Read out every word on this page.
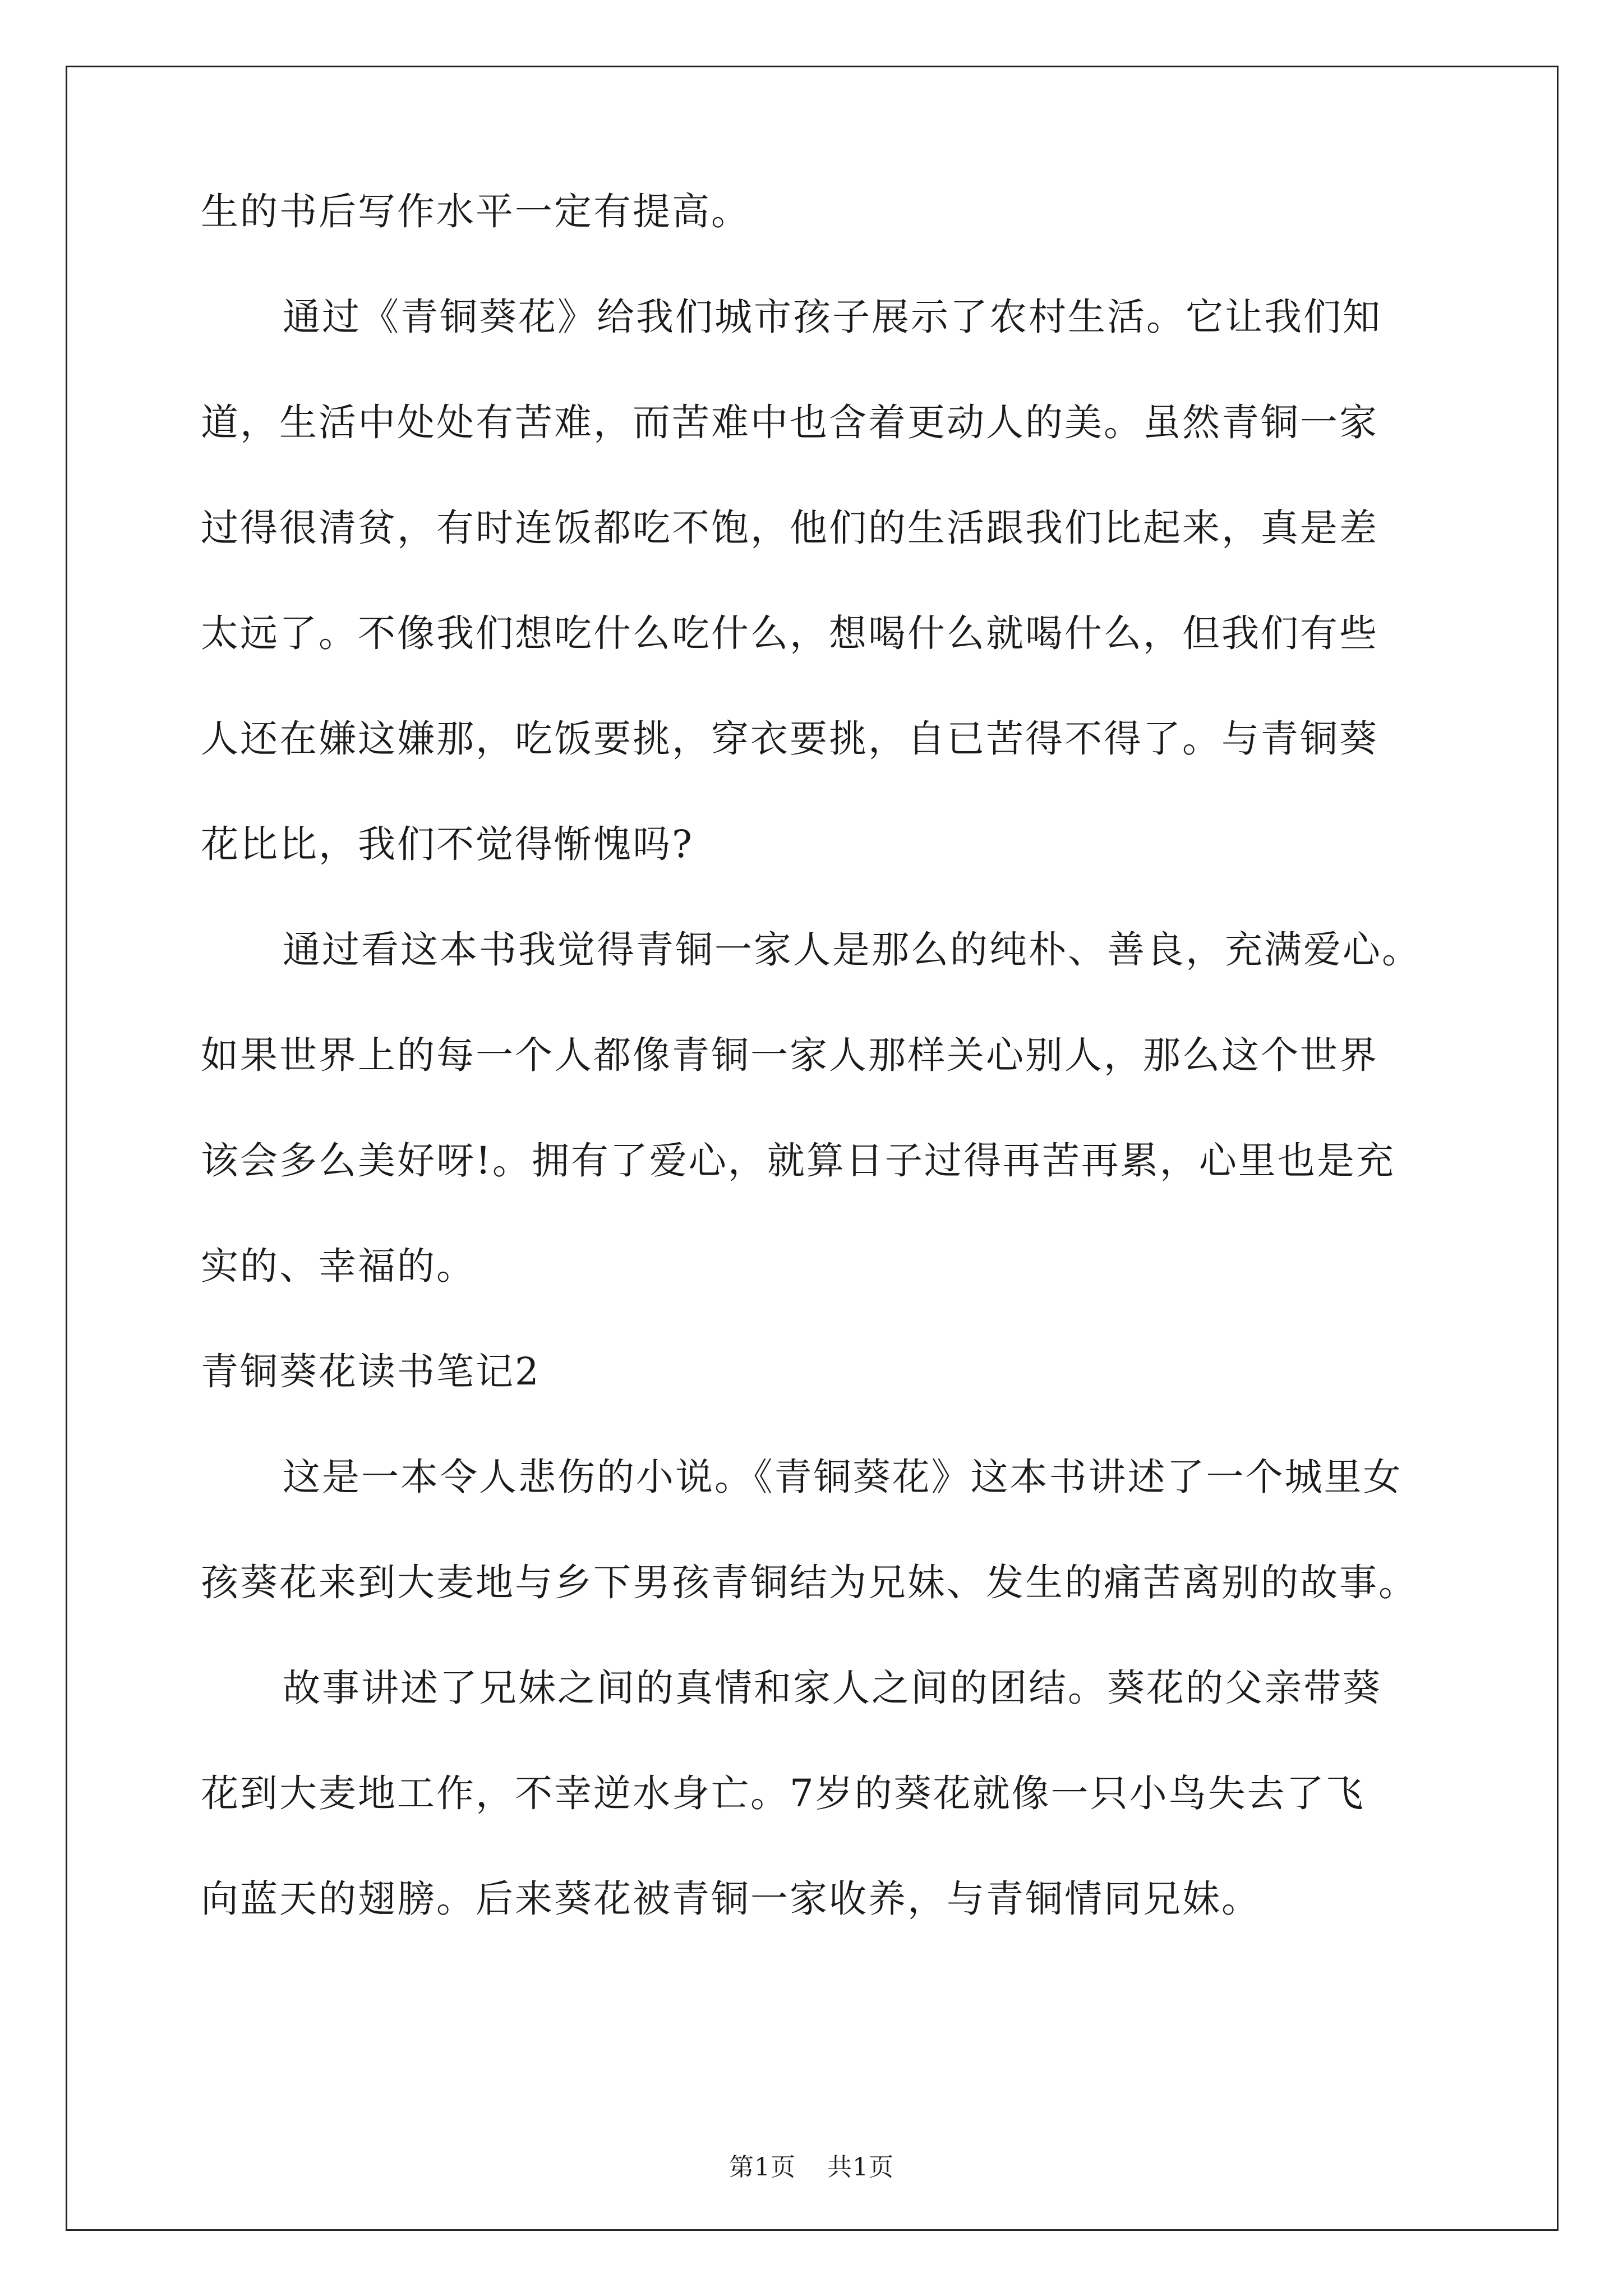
生的书后写作水平一定有提高。
通过《青铜葵花》给我们城市孩子展示了农村生活。它让我们知
道，生活中处处有苦难，而苦难中也含着更动人的美。虽然青铜一家
过得很清贫，有时连饭都吃不饱，他们的生活跟我们比起来，真是差
太远了。不像我们想吃什么吃什么，想喝什么就喝什么，但我们有些
人还在嫌这嫌那，吃饭要挑，穿衣要挑，自已苦得不得了。与青铜葵
花比比，我们不觉得惭愧吗?
通过看这本书我觉得青铜一家人是那么的纯朴、善良，充满爱心。
如果世界上的每一个人都像青铜一家人那样关心别人，那么这个世界
该会多么美好呀!。拥有了爱心，就算日子过得再苦再累，心里也是充
实的、幸福的。
青铜葵花读书笔记2
这是一本令人悲伤的小说。《青铜葵花》这本书讲述了一个城里女
孩葵花来到大麦地与乡下男孩青铜结为兄妹、发生的痛苦离别的故事。
故事讲述了兄妹之间的真情和家人之间的团结。葵花的父亲带葵
花到大麦地工作，不幸逆水身亡。7岁的葵花就像一只小鸟失去了飞
向蓝天的翅膀。后来葵花被青铜一家收养，与青铜情同兄妹。
第1页 共1页
